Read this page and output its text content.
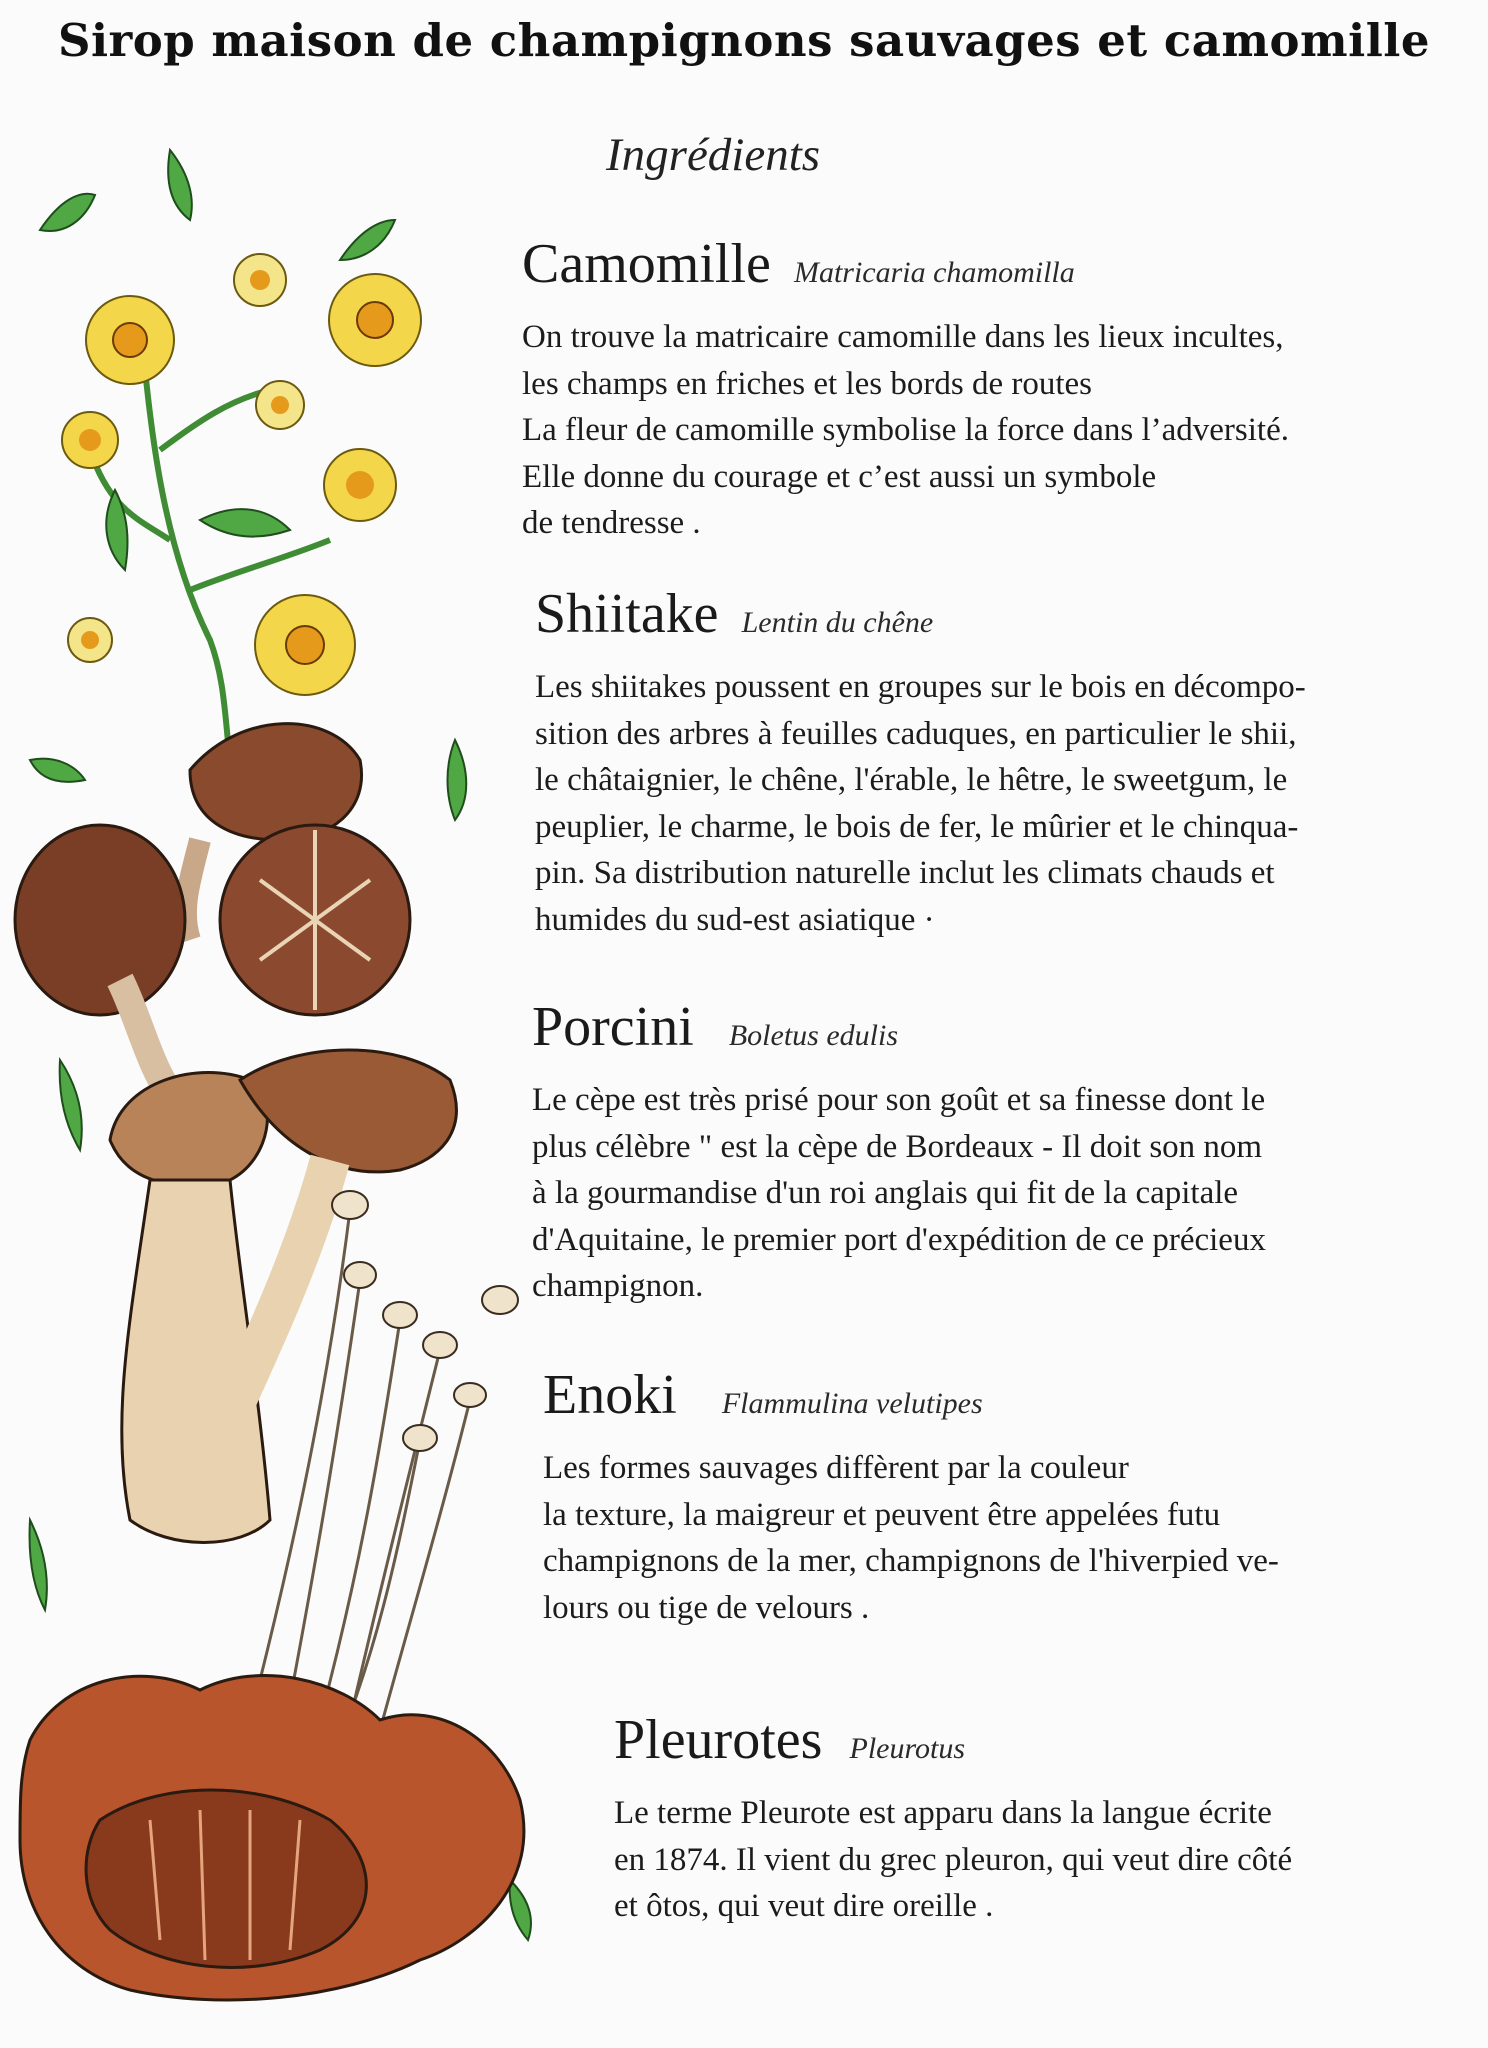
Sirop maison de champignons sauvages et camomille
Ingrédients
Camomille Matricaria chamomilla
On trouve la matricaire camomille dans les lieux incultes,
les champs en friches et les bords de routes
La fleur de camomille symbolise la force dans l’adversité.
Elle donne du courage et c’est aussi un symbole
de tendresse .
Shiitake Lentin du chêne
Les shiitakes poussent en groupes sur le bois en décompo-
sition des arbres à feuilles caduques, en particulier le shii,
le châtaignier, le chêne, l'érable, le hêtre, le sweetgum, le
peuplier, le charme, le bois de fer, le mûrier et le chinqua-
pin. Sa distribution naturelle inclut les climats chauds et
humides du sud-est asiatique ·
Porcini Boletus edulis
Le cèpe est très prisé pour son goût et sa finesse dont le
plus célèbre " est la cèpe de Bordeaux - Il doit son nom
à la gourmandise d'un roi anglais qui fit de la capitale
d'Aquitaine, le premier port d'expédition de ce précieux
champignon.
Enoki Flammulina velutipes
Les formes sauvages diffèrent par la couleur
la texture, la maigreur et peuvent être appelées futu
champignons de la mer, champignons de l'hiverpied ve-
lours ou tige de velours .
Pleurotes Pleurotus
Le terme Pleurote est apparu dans la langue écrite
en 1874. Il vient du grec pleuron, qui veut dire côté
et ôtos, qui veut dire oreille .
